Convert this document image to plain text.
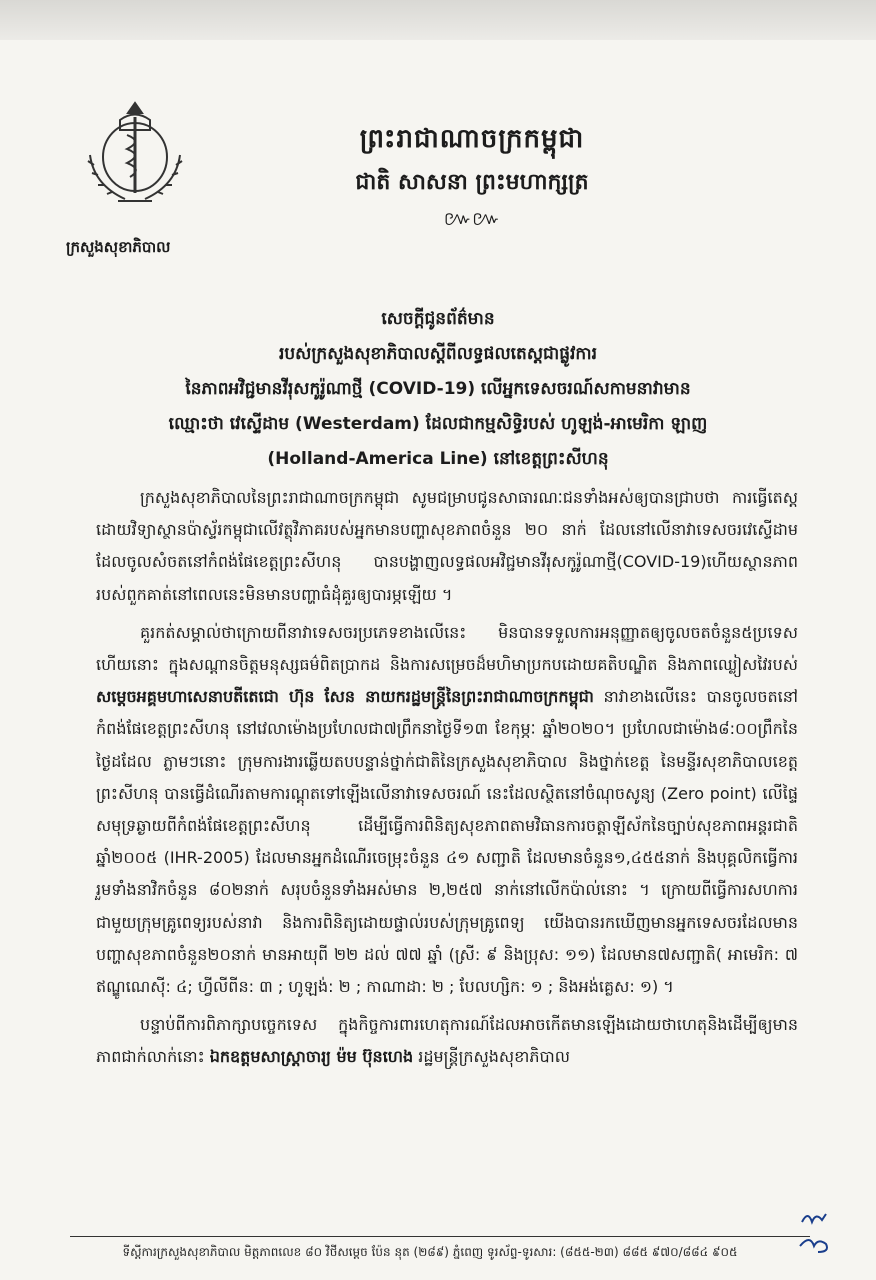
ក្រសួងសុខាភិបាល
ព្រះរាជាណាចក្រកម្ពុជា
ជាតិ សាសនា ព្រះមហាក្សត្រ
៚៚
សេចក្តីជូនព័ត៌មាន
របស់ក្រសួងសុខាភិបាលស្តីពីលទ្ធផលតេស្តជាផ្លូវការ
នៃភាពអវិជ្ជមានវីរុសកូរ៉ូណាថ្មី (COVID-19) លើអ្នកទេសចរណ៍សកាមនាវាមាន
ឈ្មោះថា វេស្ទើដាម (Westerdam) ដែលជាកម្មសិទ្ធិរបស់ ហូឡង់-អាមេរិកា ឡាញ
(Holland-America Line) នៅខេត្តព្រះសីហនុ

ក្រសួងសុខាភិបាលនៃព្រះរាជាណាចក្រកម្ពុជា សូមជម្រាបជូនសាធារណៈជនទាំងអស់ឲ្យបានជ្រាបថា ការធ្វើតេស្តដោយវិទ្យាស្ថានប៉ាស្ទ័រកម្ពុជាលើវត្ថុវិភាគរបស់អ្នកមានបញ្ហាសុខភាពចំនួន ២០ នាក់ ដែលនៅលើនាវាទេសចរវេស្ទើដាម ដែលចូលសំចតនៅកំពង់ផែខេត្តព្រះសីហនុ បានបង្ហាញលទ្ធផលអវិជ្ជមានវីរុសកូរ៉ូណាថ្មី(COVID-19)ហើយស្ថានភាពរបស់ពួកគាត់នៅពេលនេះមិនមានបញ្ហាធំដុំគួរឲ្យបារម្ភឡើយ ។

គួរកត់សម្គាល់ថាក្រោយពីនាវាទេសចរប្រភេទខាងលើនេះ មិនបានទទួលការអនុញ្ញាតឲ្យចូលចតចំនួន៥ប្រទេសហើយនោះ ក្នុងសណ្តានចិត្តមនុស្សធម៌ពិតប្រាកដ និងការសម្រេចដ៏មហិមាប្រកបដោយគតិបណ្ឌិត និងភាពឈ្លៀសវៃរបស់ សម្តេចអគ្គមហាសេនាបតីតេជោ ហ៊ុន សែន នាយករដ្ឋមន្ត្រីនៃព្រះរាជាណាចក្រកម្ពុជា នាវាខាងលើនេះ បានចូលចតនៅកំពង់ផែខេត្តព្រះសីហនុ នៅវេលាម៉ោងប្រហែលជា៧ព្រឹកនាថ្ងៃទី១៣ ខែកុម្ភៈ ឆ្នាំ២០២០។ ប្រហែលជាម៉ោង៨:០០ព្រឹកនៃថ្ងៃដដែល ភ្លាមៗនោះ ក្រុមការងារឆ្លើយតបបន្ទាន់ថ្នាក់ជាតិនៃក្រសួងសុខាភិបាល និងថ្នាក់ខេត្ត នៃមន្ទីរសុខាភិបាលខេត្តព្រះសីហនុ បានធ្វើដំណើរតាមការណ្តុតទៅឡើងលើនាវាទេសចរណ៍ នេះដែលស្ថិតនៅចំណុចសូន្យ (Zero point) លើផ្ទៃសមុទ្រឆ្ងាយពីកំពង់ផែខេត្តព្រះសីហនុ ដើម្បីធ្វើការពិនិត្យសុខភាពតាមវិធានការចត្តាឡីស័កនៃច្បាប់សុខភាពអន្តរជាតិឆ្នាំ២០០៥ (IHR-2005) ដែលមានអ្នកដំណើរចេម្រុះចំនួន ៤១ សញ្ជាតិ ដែលមានចំនួន១,៤៥៥នាក់ និងបុគ្គលិកធ្វើការរួមទាំងនាវិកចំនួន ៨០២នាក់ សរុបចំនួនទាំងអស់មាន ២,២៥៧ នាក់នៅលើកប៉ាល់នោះ ។ ក្រោយពីធ្វើការសហការជាមួយក្រុមគ្រូពេទ្យរបស់នាវា និងការពិនិត្យដោយផ្ទាល់របស់ក្រុមគ្រូពេទ្យ យើងបានរកឃើញមានអ្នកទេសចរដែលមានបញ្ហាសុខភាពចំនួន២០នាក់ មានអាយុពី ២២ ដល់ ៧៧ ឆ្នាំ (ស្រី: ៩ និងប្រុស: ១១) ដែលមាន៧សញ្ជាតិ( អាមេរិក: ៧ ឥណ្ឌូណេស៊ី: ៤; ហ្វីលីពីន: ៣ ; ហូឡង់: ២ ; កាណាដា: ២ ; បែលហ្សិក: ១ ; និងអង់គ្លេស: ១) ។

បន្ទាប់ពីការពិភាក្សាបច្ចេកទេស ក្នុងកិច្ចការពារហេតុការណ៍ដែលអាចកើតមានឡើងដោយថាហេតុនិងដើម្បីឲ្យមានភាពជាក់លាក់នោះ ឯកឧត្តមសាស្ត្រាចារ្យ ម៉ម ប៊ុនហេង រដ្ឋមន្ត្រីក្រសួងសុខាភិបាល

ទីស្តីការក្រសួងសុខាភិបាល មិត្តភាពលេខ ៨០ វិថីសម្តេច ប៉ែន នុត (២៨៩) ភ្នំពេញ ទូរស័ព្ទ-ទូរសារ: (៨៥៥-២៣) ៨៨៥ ៩៧០/៨៨៤ ៩០៥
